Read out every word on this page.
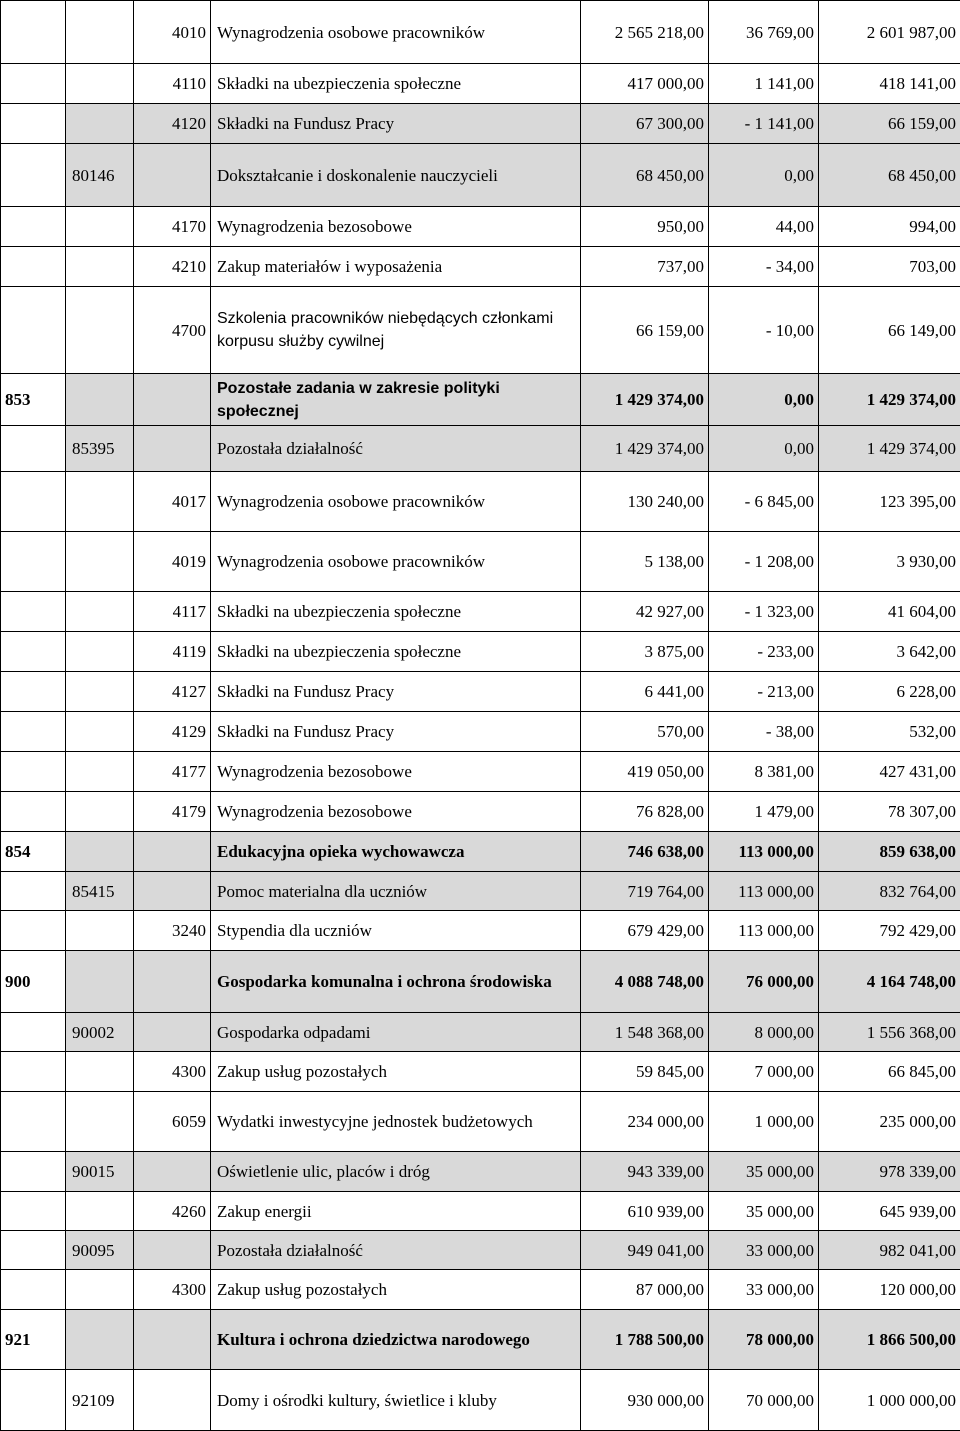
		4010	Wynagrodzenia osobowe pracowników	2 565 218,00	36 769,00	2 601 987,00
		4110	Składki na ubezpieczenia społeczne	417 000,00	1 141,00	418 141,00
		4120	Składki na Fundusz Pracy	67 300,00	- 1 141,00	66 159,00
	80146		Dokształcanie i doskonalenie nauczycieli	68 450,00	0,00	68 450,00
		4170	Wynagrodzenia bezosobowe	950,00	44,00	994,00
		4210	Zakup materiałów i wyposażenia	737,00	- 34,00	703,00
		4700	Szkolenia pracowników niebędących członkami korpusu służby cywilnej	66 159,00	- 10,00	66 149,00
853			Pozostałe zadania w zakresie polityki społecznej	1 429 374,00	0,00	1 429 374,00
	85395		Pozostała działalność	1 429 374,00	0,00	1 429 374,00
		4017	Wynagrodzenia osobowe pracowników	130 240,00	- 6 845,00	123 395,00
		4019	Wynagrodzenia osobowe pracowników	5 138,00	- 1 208,00	3 930,00
		4117	Składki na ubezpieczenia społeczne	42 927,00	- 1 323,00	41 604,00
		4119	Składki na ubezpieczenia społeczne	3 875,00	- 233,00	3 642,00
		4127	Składki na Fundusz Pracy	6 441,00	- 213,00	6 228,00
		4129	Składki na Fundusz Pracy	570,00	- 38,00	532,00
		4177	Wynagrodzenia bezosobowe	419 050,00	8 381,00	427 431,00
		4179	Wynagrodzenia bezosobowe	76 828,00	1 479,00	78 307,00
854			Edukacyjna opieka wychowawcza	746 638,00	113 000,00	859 638,00
	85415		Pomoc materialna dla uczniów	719 764,00	113 000,00	832 764,00
		3240	Stypendia dla uczniów	679 429,00	113 000,00	792 429,00
900			Gospodarka komunalna i ochrona środowiska	4 088 748,00	76 000,00	4 164 748,00
	90002		Gospodarka odpadami	1 548 368,00	8 000,00	1 556 368,00
		4300	Zakup usług pozostałych	59 845,00	7 000,00	66 845,00
		6059	Wydatki inwestycyjne jednostek budżetowych	234 000,00	1 000,00	235 000,00
	90015		Oświetlenie ulic, placów i dróg	943 339,00	35 000,00	978 339,00
		4260	Zakup energii	610 939,00	35 000,00	645 939,00
	90095		Pozostała działalność	949 041,00	33 000,00	982 041,00
		4300	Zakup usług pozostałych	87 000,00	33 000,00	120 000,00
921			Kultura i ochrona dziedzictwa narodowego	1 788 500,00	78 000,00	1 866 500,00
	92109		Domy i ośrodki kultury, świetlice i kluby	930 000,00	70 000,00	1 000 000,00
